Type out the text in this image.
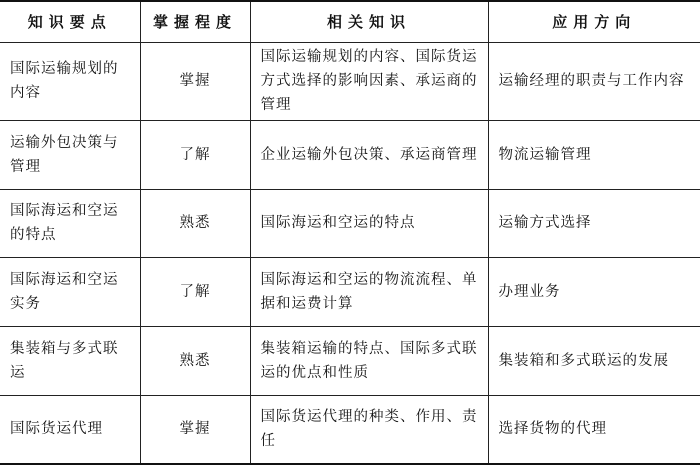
知识要点	掌握程度	相关知识	应用方向
国际运输规划的内容	掌握	国际运输规划的内容、国际货运方式选择的影响因素、承运商的管理	运输经理的职责与工作内容
运输外包决策与管理	了解	企业运输外包决策、承运商管理	物流运输管理
国际海运和空运的特点	熟悉	国际海运和空运的特点	运输方式选择
国际海运和空运实务	了解	国际海运和空运的物流流程、单据和运费计算	办理业务
集装箱与多式联运	熟悉	集装箱运输的特点、国际多式联运的优点和性质	集装箱和多式联运的发展
国际货运代理	掌握	国际货运代理的种类、作用、责任	选择货物的代理
